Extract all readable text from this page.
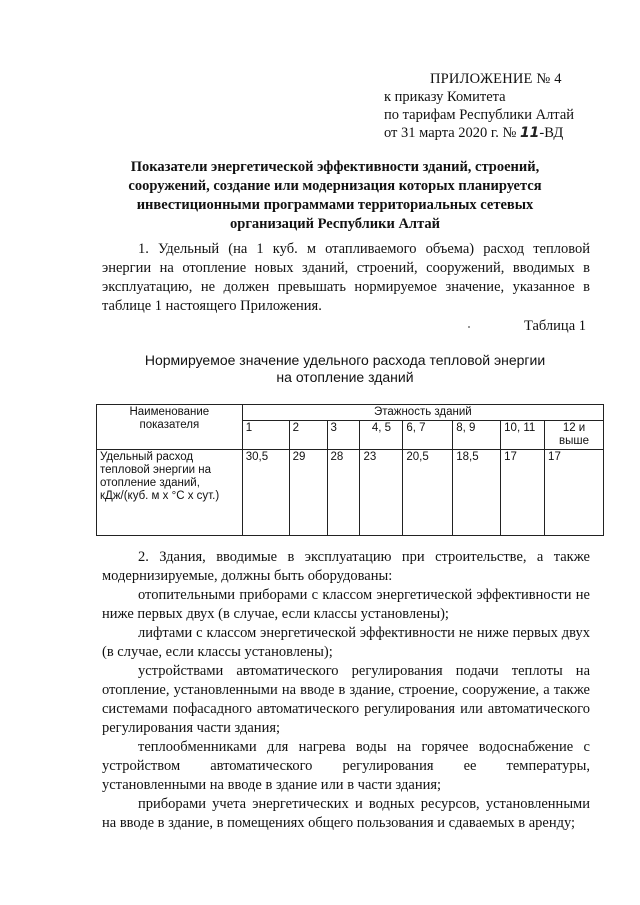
ПРИЛОЖЕНИЕ № 4
к приказу Комитета
по тарифам Республики Алтай
от 31 марта 2020 г. № 11-ВД
Показатели энергетической эффективности зданий, строений, сооружений, создание или модернизация которых планируется инвестиционными программами территориальных сетевых организаций Республики Алтай

1. Удельный (на 1 куб. м отапливаемого объема) расход тепловой энергии на отопление новых зданий, строений, сооружений, вводимых в эксплуатацию, не должен превышать нормируемое значение, указанное в таблице 1 настоящего Приложения.

Таблица 1
Нормируемое значение удельного расхода тепловой энергии
на отопление зданий
Наименование показателя	Этажность зданий							
	1	2	3	4, 5	6, 7	8, 9	10, 11	12 и выше
Удельный расход тепловой энергии на отопление зданий, кДж/(куб. м х °С х сут.)	30,5	29	28	23	20,5	18,5	17	17

2. Здания, вводимые в эксплуатацию при строительстве, а также модернизируемые, должны быть оборудованы:

отопительными приборами с классом энергетической эффективности не ниже первых двух (в случае, если классы установлены);

лифтами с классом энергетической эффективности не ниже первых двух (в случае, если классы установлены);

устройствами автоматического регулирования подачи теплоты на отопление, установленными на вводе в здание, строение, сооружение, а также системами пофасадного автоматического регулирования или автоматического регулирования части здания;

теплообменниками для нагрева воды на горячее водоснабжение с устройством автоматического регулирования ее температуры, установленными на вводе в здание или в части здания;

приборами учета энергетических и водных ресурсов, установленными на вводе в здание, в помещениях общего пользования и сдаваемых в аренду;
